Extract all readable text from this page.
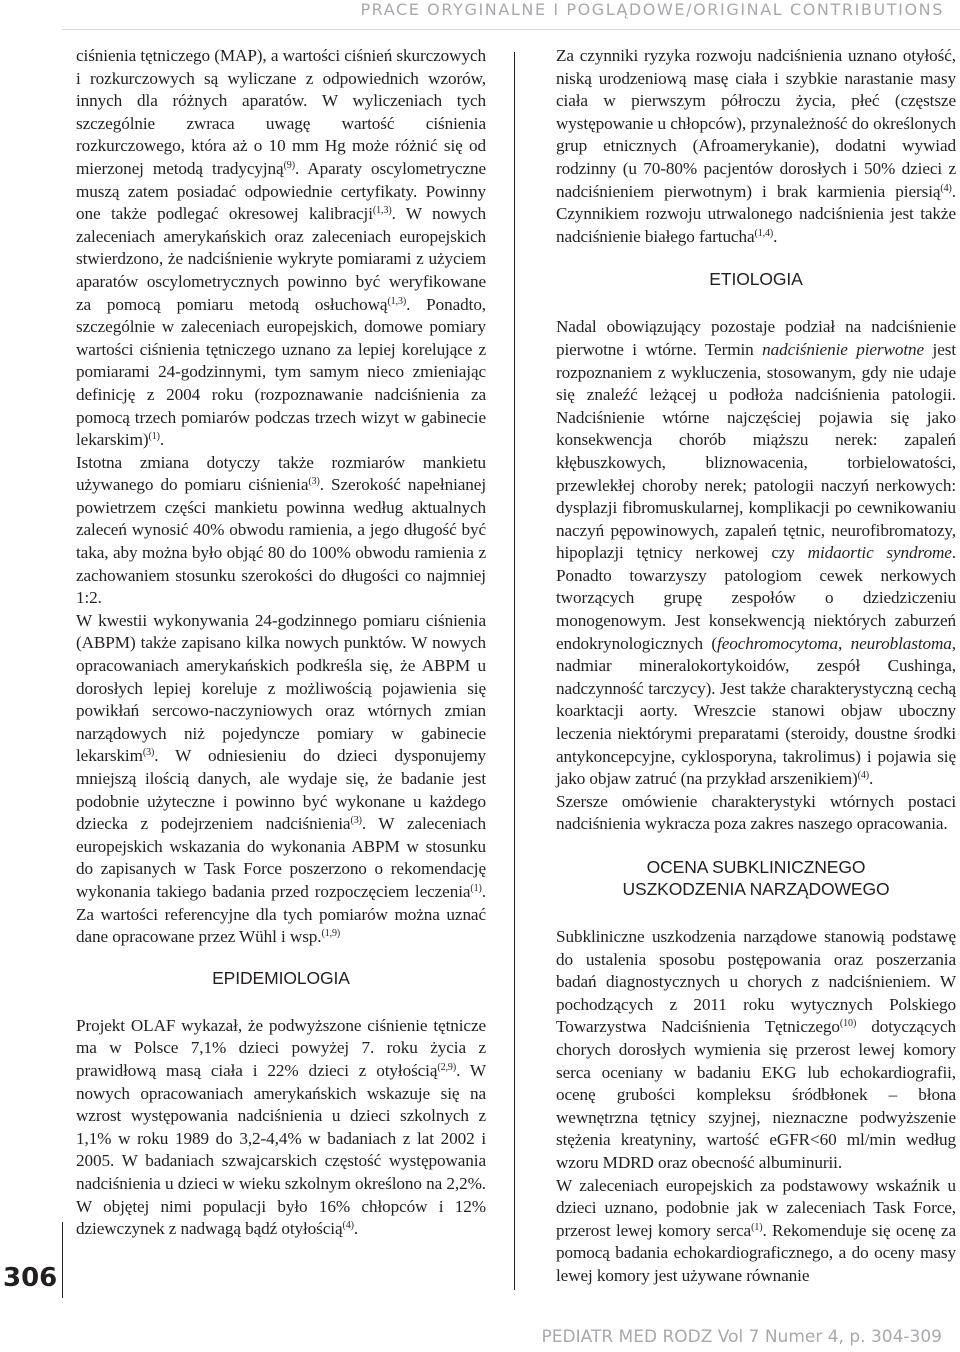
PRACE ORYGINALNE I POGLĄDOWE/ORIGINAL CONTRIBUTIONS
306

ciśnienia tętniczego (MAP), a wartości ciśnień skurczowych i rozkurczowych są wyliczane z odpowiednich wzorów, innych dla różnych aparatów. W wyliczeniach tych szczególnie zwraca uwagę wartość ciśnienia rozkurczowego, która aż o 10 mm Hg może różnić się od mierzonej metodą tradycyjną$^{(9)}$. Aparaty oscylometryczne muszą zatem posiadać odpowiednie certyfikaty. Powinny one także podlegać okresowej kalibracji$^{(1,3)}$. W nowych zaleceniach amerykańskich oraz zaleceniach europejskich stwierdzono, że nadciśnienie wykryte pomiarami z użyciem aparatów oscylometrycznych powinno być weryfikowane za pomocą pomiaru metodą osłuchową$^{(1,3)}$. Ponadto, szczególnie w zaleceniach europejskich, domowe pomiary wartości ciśnienia tętniczego uznano za lepiej korelujące z pomiarami 24-godzinnymi, tym samym nieco zmieniając definicję z 2004 roku (rozpoznawanie nadciśnienia za pomocą trzech pomiarów podczas trzech wizyt w gabinecie lekarskim)$^{(1)}$.

Istotna zmiana dotyczy także rozmiarów mankietu używanego do pomiaru ciśnienia$^{(3)}$. Szerokość napełnianej powietrzem części mankietu powinna według aktualnych zaleceń wynosić 40% obwodu ramienia, a jego długość być taka, aby można było objąć 80 do 100% obwodu ramienia z zachowaniem stosunku szerokości do długości co najmniej 1:2.

W kwestii wykonywania 24-godzinnego pomiaru ciśnienia (ABPM) także zapisano kilka nowych punktów. W nowych opracowaniach amerykańskich podkreśla się, że ABPM u dorosłych lepiej koreluje z możliwością pojawienia się powikłań sercowo-naczyniowych oraz wtórnych zmian narządowych niż pojedyncze pomiary w gabinecie lekarskim$^{(3)}$. W odniesieniu do dzieci dysponujemy mniejszą ilością danych, ale wydaje się, że badanie jest podobnie użyteczne i powinno być wykonane u każdego dziecka z podejrzeniem nadciśnienia$^{(3)}$. W zaleceniach europejskich wskazania do wykonania ABPM w stosunku do zapisanych w Task Force poszerzono o rekomendację wykonania takiego badania przed rozpoczęciem leczenia$^{(1)}$. Za wartości referencyjne dla tych pomiarów można uznać dane opracowane przez Wühl i wsp.$^{(1,9)}$

EPIDEMIOLOGIA

Projekt OLAF wykazał, że podwyższone ciśnienie tętnicze ma w Polsce 7,1% dzieci powyżej 7. roku życia z prawidłową masą ciała i 22% dzieci z otyłością$^{(2,9)}$. W nowych opracowaniach amerykańskich wskazuje się na wzrost występowania nadciśnienia u dzieci szkolnych z 1,1% w roku 1989 do 3,2-4,4% w badaniach z lat 2002 i 2005. W badaniach szwajcarskich częstość występowania nadciśnienia u dzieci w wieku szkolnym określono na 2,2%. W objętej nimi populacji było 16% chłopców i 12% dziewczynek z nadwagą bądź otyłością$^{(4)}$.

Za czynniki ryzyka rozwoju nadciśnienia uznano otyłość, niską urodzeniową masę ciała i szybkie narastanie masy ciała w pierwszym półroczu życia, płeć (częstsze występowanie u chłopców), przynależność do określonych grup etnicznych (Afroamerykanie), dodatni wywiad rodzinny (u 70-80% pacjentów dorosłych i 50% dzieci z nadciśnieniem pierwotnym) i brak karmienia piersią$^{(4)}$. Czynnikiem rozwoju utrwalonego nadciśnienia jest także nadciśnienie białego fartucha$^{(1,4)}$.

ETIOLOGIA

Nadal obowiązujący pozostaje podział na nadciśnienie pierwotne i wtórne. Termin nadciśnienie pierwotne jest rozpoznaniem z wykluczenia, stosowanym, gdy nie udaje się znaleźć leżącej u podłoża nadciśnienia patologii. Nadciśnienie wtórne najczęściej pojawia się jako konsekwencja chorób miąższu nerek: zapaleń kłębuszkowych, bliznowacenia, torbielowatości, przewlekłej choroby nerek; patologii naczyń nerkowych: dysplazji fibromuskularnej, komplikacji po cewnikowaniu naczyń pępowinowych, zapaleń tętnic, neurofibromatozy, hipoplazji tętnicy nerkowej czy midaortic syndrome. Ponadto towarzyszy patologiom cewek nerkowych tworzących grupę zespołów o dziedziczeniu monogenowym. Jest konsekwencją niektórych zaburzeń endokrynologicznych (feochromocytoma, neuroblastoma, nadmiar mineralokortykoidów, zespół Cushinga, nadczynność tarczycy). Jest także charakterystyczną cechą koarktacji aorty. Wreszcie stanowi objaw uboczny leczenia niektórymi preparatami (steroidy, doustne środki antykoncepcyjne, cyklosporyna, takrolimus) i pojawia się jako objaw zatruć (na przykład arszenikiem)$^{(4)}$.

Szersze omówienie charakterystyki wtórnych postaci nadciśnienia wykracza poza zakres naszego opracowania.

OCENA SUBKLINICZNEGO
USZKODZENIA NARZĄDOWEGO

Subkliniczne uszkodzenia narządowe stanowią podstawę do ustalenia sposobu postępowania oraz poszerzania badań diagnostycznych u chorych z nadciśnieniem. W pochodzących z 2011 roku wytycznych Polskiego Towarzystwa Nadciśnienia Tętniczego$^{(10)}$ dotyczących chorych dorosłych wymienia się przerost lewej komory serca oceniany w badaniu EKG lub echokardiografii, ocenę grubości kompleksu śródbłonek – błona wewnętrzna tętnicy szyjnej, nieznaczne podwyższenie stężenia kreatyniny, wartość eGFR<60 ml/min według wzoru MDRD oraz obecność albuminurii.

W zaleceniach europejskich za podstawowy wskaźnik u dzieci uznano, podobnie jak w zaleceniach Task Force, przerost lewej komory serca$^{(1)}$. Rekomenduje się ocenę za pomocą badania echokardiograficznego, a do oceny masy lewej komory jest używane równanie

PEDIATR MED RODZ Vol 7 Numer 4, p. 304-309
